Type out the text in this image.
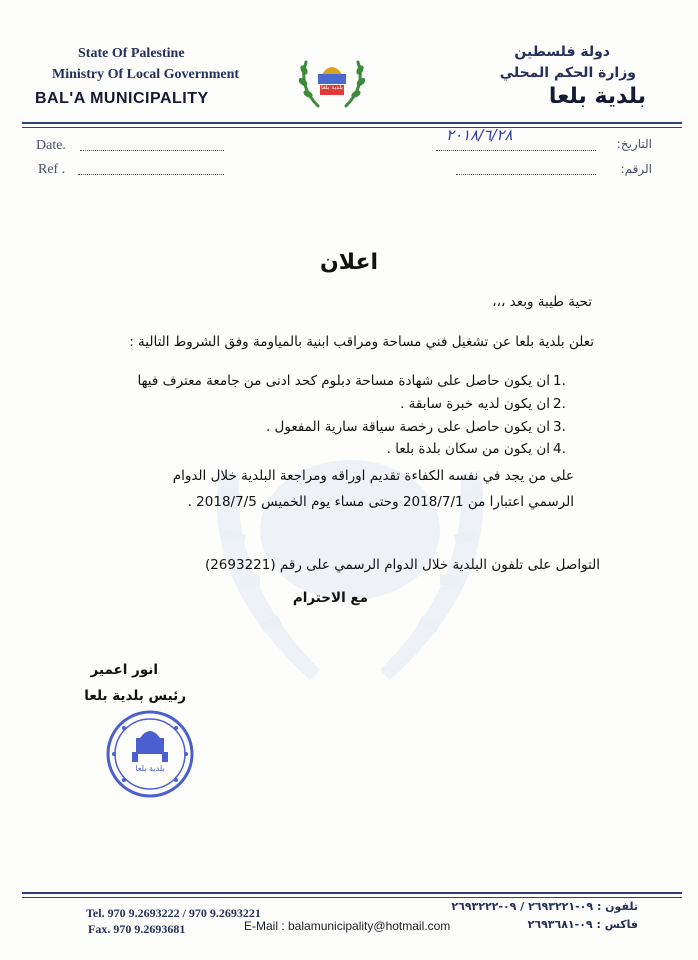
State Of Palestine
Ministry Of Local Government
BAL'A MUNICIPALITY
بلدية بلعا
دولة فلسطين
وزارة الحكم المحلي
بلدية بلعا
Date.
Ref .
التاريخ:
٢٠١٨/٦/٢٨
الرقم:
اعلان
تحية طيبة وبعد ،،،
تعلن بلدية بلعا عن تشغيل فني مساحة ومراقب ابنية بالمياومة وفق الشروط التالية :
1.
ان يكون حاصل على شهادة مساحة دبلوم كحد ادنى من جامعة معترف فيها
2.
ان يكون لديه خبرة سابقة .
3.
ان يكون حاصل على رخصة سياقة سارية المفعول .
4.
ان يكون من سكان بلدة بلعا .
على من يجد في نفسه الكفاءة تقديم اوراقه ومراجعة البلدية خلال الدوام
الرسمي اعتبارا من 2018/7/1 وحتى مساء يوم الخميس 2018/7/5 .
التواصل على تلفون البلدية خلال الدوام الرسمي على رقم (2693221)
مع الاحترام
انور اعمير
رئيس بلدية بلعا
بلدية بلعا
Tel. 970 9.2693222 / 970 9.2693221
Fax. 970 9.2693681	E-Mail : balamunicipality@hotmail.com
تلفون : ٠٩-٢٦٩٣٢٢١ / ٠٩-٢٦٩٣٢٢٢
فاكس : ٠٩-٢٦٩٣٦٨١
